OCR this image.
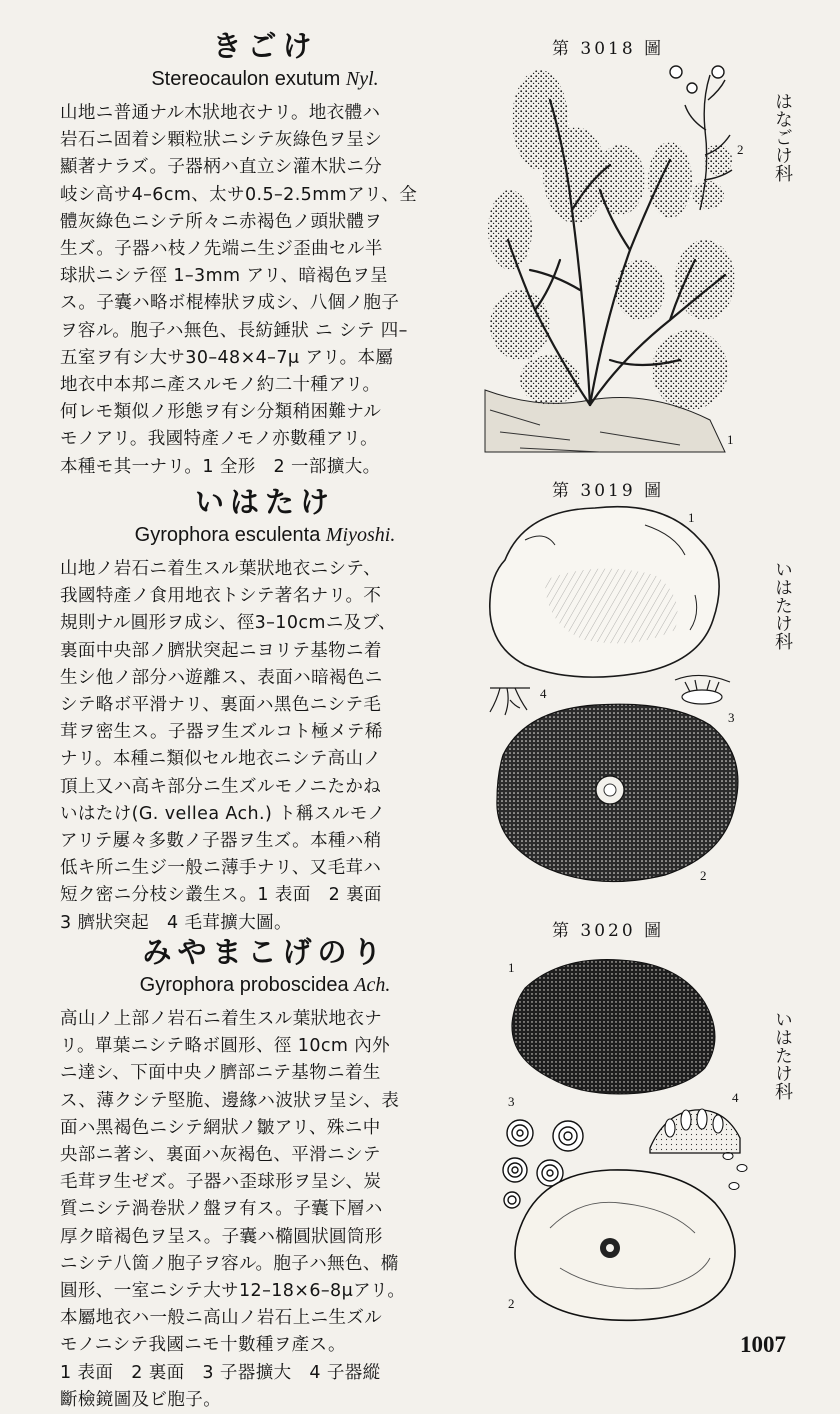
きごけ
Stereocaulon exutum Nyl.
山地ニ普通ナル木狀地衣ナリ。地衣體ハ
岩石ニ固着シ顆粒狀ニシテ灰綠色ヲ呈シ
顯著ナラズ。子器柄ハ直立シ灌木狀ニ分
岐シ高サ4–6cm、太サ0.5–2.5mmアリ、全
體灰綠色ニシテ所々ニ赤褐色ノ頭狀體ヲ
生ズ。子器ハ枝ノ先端ニ生ジ歪曲セル半
球狀ニシテ徑 1–3mm アリ、暗褐色ヲ呈
ス。子囊ハ略ボ棍棒狀ヲ成シ、八個ノ胞子
ヲ容ル。胞子ハ無色、長紡錘狀 ニ シテ 四–
五室ヲ有シ大サ30–48×4–7μ アリ。本屬
地衣中本邦ニ產スルモノ約二十種アリ。
何レモ類似ノ形態ヲ有シ分類稍困難ナル
モノアリ。我國特產ノモノ亦數種アリ。
本種モ其一ナリ。1 全形　2 一部擴大。
第 3018 圖
はなごけ科
2
1
いはたけ
Gyrophora esculenta Miyoshi.
山地ノ岩石ニ着生スル葉狀地衣ニシテ、
我國特產ノ食用地衣トシテ著名ナリ。不
規則ナル圓形ヲ成シ、徑3–10cmニ及ブ、
裏面中央部ノ臍狀突起ニヨリテ基物ニ着
生シ他ノ部分ハ遊離ス、表面ハ暗褐色ニ
シテ略ボ平滑ナリ、裏面ハ黑色ニシテ毛
茸ヲ密生ス。子器ヲ生ズルコト極メテ稀
ナリ。本種ニ類似セル地衣ニシテ高山ノ
頂上又ハ高キ部分ニ生ズルモノニたかね
いはたけ(G. vellea Ach.) ト稱スルモノ
アリテ屢々多數ノ子器ヲ生ズ。本種ハ稍
低キ所ニ生ジ一般ニ薄手ナリ、又毛茸ハ
短ク密ニ分枝シ叢生ス。1 表面　2 裏面
3 臍狀突起　4 毛茸擴大圖。
第 3019 圖
いはたけ科
1
2
3
4
みやまこげのり
Gyrophora proboscidea Ach.
高山ノ上部ノ岩石ニ着生スル葉狀地衣ナ
リ。單葉ニシテ略ボ圓形、徑 10cm 內外
ニ達シ、下面中央ノ臍部ニテ基物ニ着生
ス、薄クシテ堅脆、邊緣ハ波狀ヲ呈シ、表
面ハ黑褐色ニシテ網狀ノ皺アリ、殊ニ中
央部ニ著シ、裏面ハ灰褐色、平滑ニシテ
毛茸ヲ生ゼズ。子器ハ歪球形ヲ呈シ、炭
質ニシテ渦卷狀ノ盤ヲ有ス。子囊下層ハ
厚ク暗褐色ヲ呈ス。子囊ハ橢圓狀圓筒形
ニシテ八箇ノ胞子ヲ容ル。胞子ハ無色、橢
圓形、一室ニシテ大サ12–18×6–8μアリ。
本屬地衣ハ一般ニ高山ノ岩石上ニ生ズル
モノニシテ我國ニモ十數種ヲ產ス。
1 表面　2 裏面　3 子器擴大　4 子器縱
斷檢鏡圖及ビ胞子。
第 3020 圖
いはたけ科
1
2
3	4
1007
